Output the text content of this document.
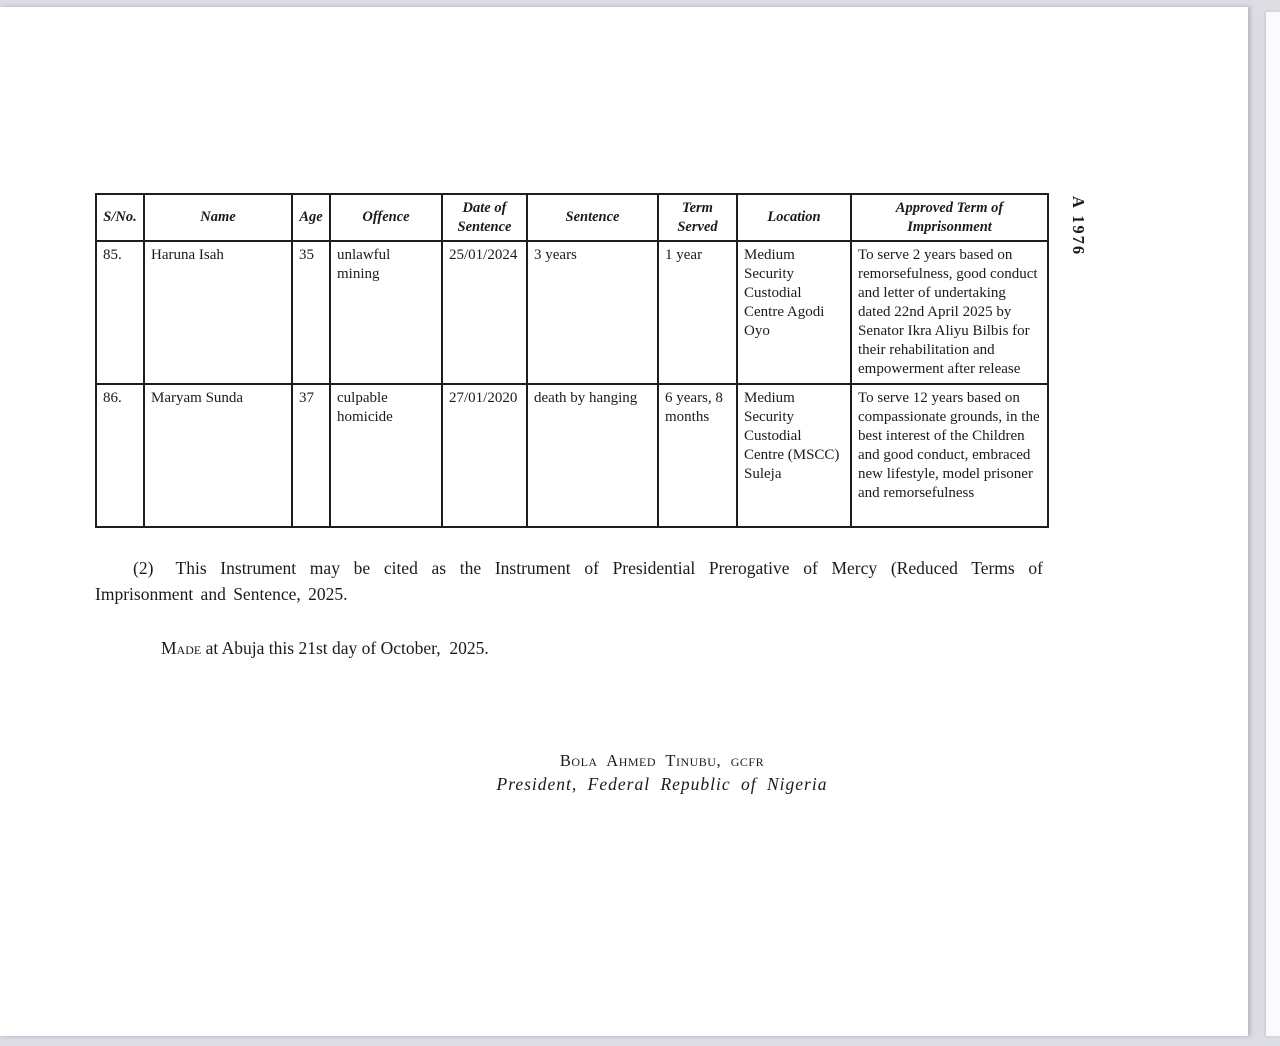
A 1976
S/No.	Name	Age	Offence	Date of Sentence	Sentence	Term Served	Location	Approved Term of Imprisonment
85.	Haruna Isah	35	unlawful mining	25/01/2024	3 years	1 year	Medium Security Custodial Centre Agodi Oyo	To serve 2 years based on remorsefulness, good conduct and letter of undertaking dated 22nd April 2025 by Senator Ikra Aliyu Bilbis for their rehabilitation and empowerment after release
86.	Maryam Sunda	37	culpable homicide	27/01/2020	death by hanging	6 years, 8 months	Medium Security Custodial Centre (MSCC) Suleja	To serve 12 years based on compassionate grounds, in the best interest of the Children and good conduct, embraced new lifestyle, model prisoner and remorsefulness

(2)  This Instrument may be cited as the Instrument of Presidential Prerogative of Mercy (Reduced Terms of Imprisonment and Sentence, 2025.

Made at Abuja this 21st day of October,  2025.

Bola Ahmed Tinubu, gcfr
President, Federal Republic of Nigeria
